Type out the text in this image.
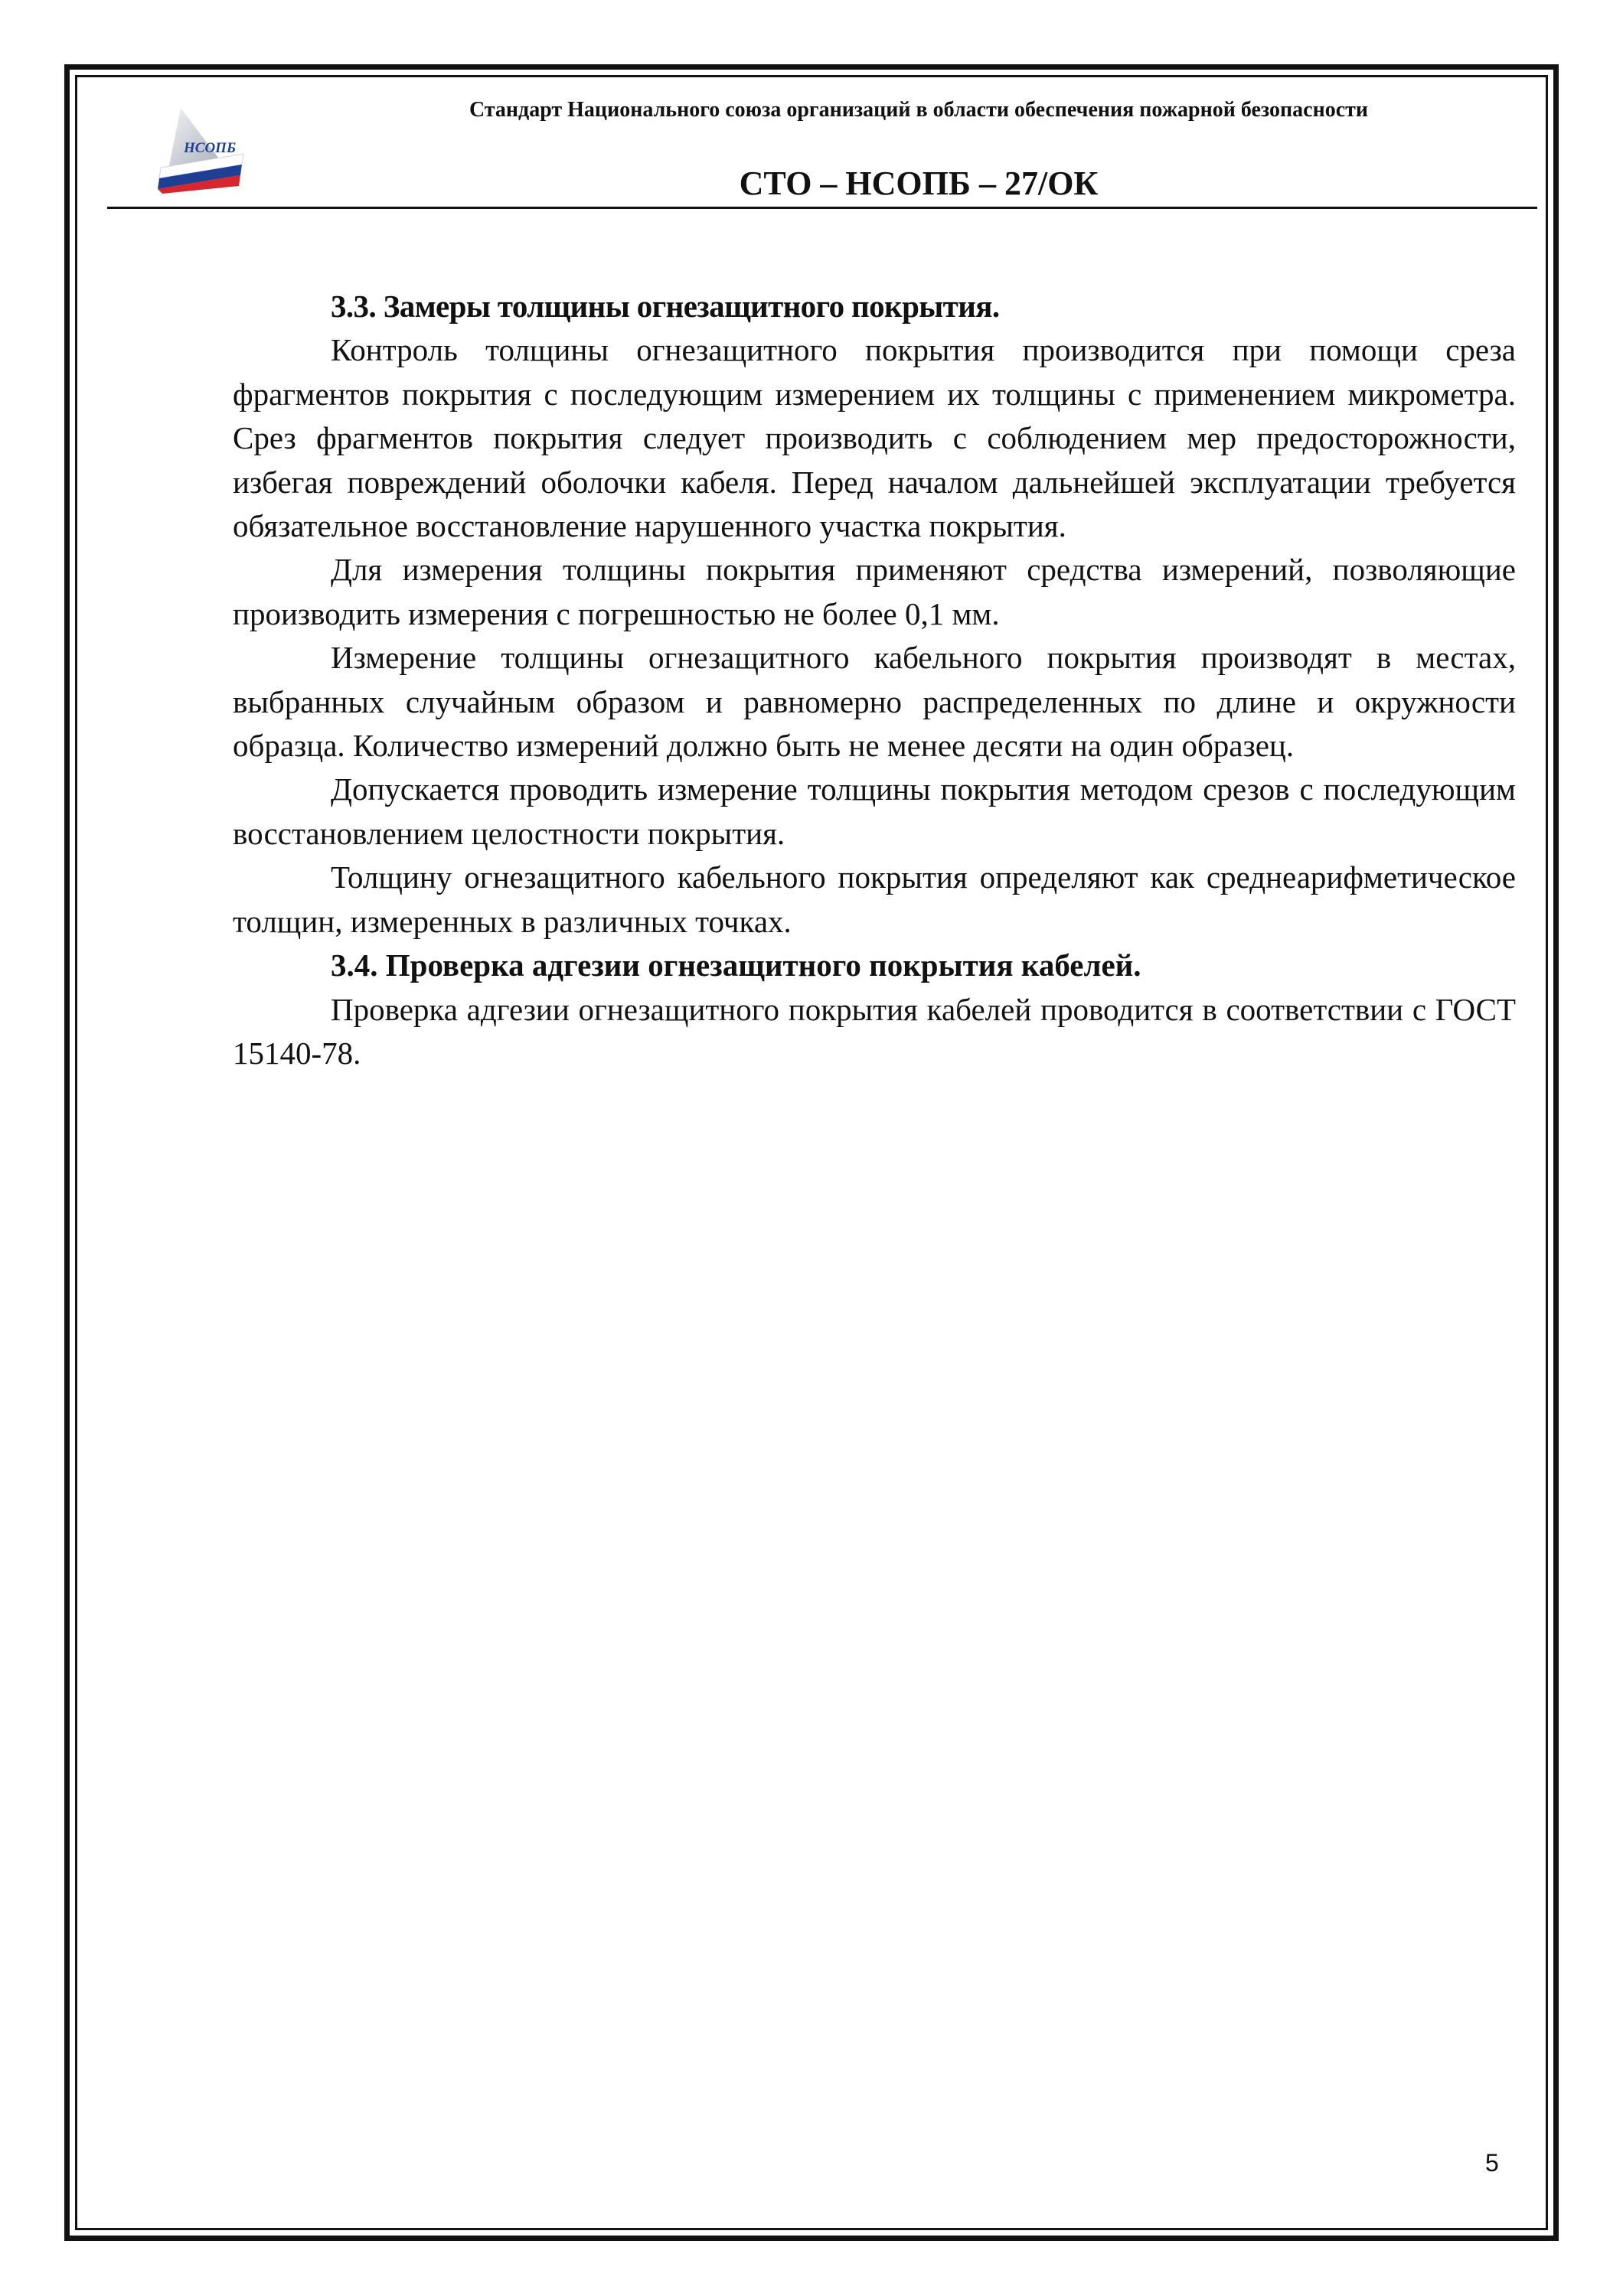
НСОПБ
Стандарт Национального союза организаций в области обеспечения пожарной безопасности
СТО – НСОПБ – 27/ОК
3.3. Замеры толщины огнезащитного покрытия.

Контроль толщины огнезащитного покрытия производится при помощи среза фрагментов покрытия с последующим измерением их толщины с применением микрометра. Срез фрагментов покрытия следует производить с соблюдением мер предосторожности, избегая повреждений оболочки кабеля. Перед началом дальнейшей эксплуатации требуется обязательное восстановление нарушенного участка покрытия.

Для измерения толщины покрытия применяют средства измерений, позволяющие производить измерения с погрешностью не более 0,1 мм.

Измерение толщины огнезащитного кабельного покрытия производят в местах, выбранных случайным образом и равномерно распределенных по длине и окружности образца. Количество измерений должно быть не менее десяти на один образец.

Допускается проводить измерение толщины покрытия методом срезов с последующим восстановлением целостности покрытия.

Толщину огнезащитного кабельного покрытия определяют как среднеарифметическое толщин, измеренных в различных точках.

3.4. Проверка адгезии огнезащитного покрытия кабелей.

Проверка адгезии огнезащитного покрытия кабелей проводится в соответствии с ГОСТ 15140-78.

5
